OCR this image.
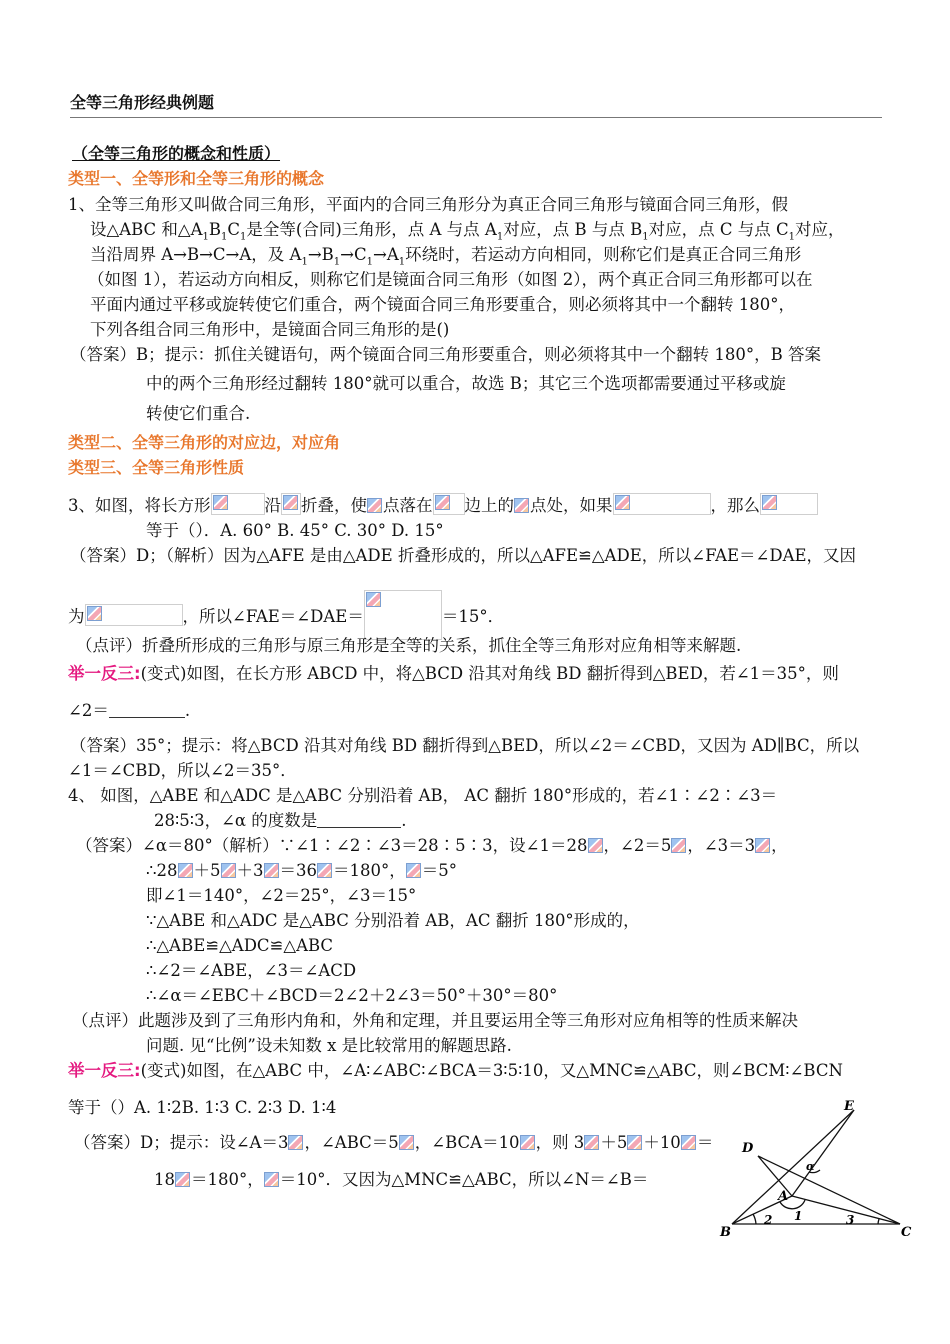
全等三角形经典例题
（全等三角形的概念和性质）
类型一、全等形和全等三角形的概念
1、全等三角形又叫做合同三角形，平面内的合同三角形分为真正合同三角形与镜面合同三角形，假
设△ABC 和$\triangle A_1B_1C_1$是全等(合同)三角形，点 A 与点 $A_1$对应，点 B 与点 $B_1$对应，点 C 与点 $C_1$对应，
当沿周界 A→B→C→A，及 $A_1\to B_1\to C_1\to A_1$环绕时，若运动方向相同，则称它们是真正合同三角形
（如图 1），若运动方向相反，则称它们是镜面合同三角形（如图 2），两个真正合同三角形都可以在
平面内通过平移或旋转使它们重合，两个镜面合同三角形要重合，则必须将其中一个翻转 180°，
下列各组合同三角形中，是镜面合同三角形的是()
（答案）B；提示：抓住关键语句，两个镜面合同三角形要重合，则必须将其中一个翻转 180°，B 答案
中的两个三角形经过翻转 180°就可以重合，故选 B；其它三个选项都需要通过平移或旋
转使它们重合.
类型二、全等三角形的对应边，对应角
类型三、全等三角形性质
3、如图，将长方形	沿 折叠，使 点落在 边上的 点处，如果	，那么
等于（）．A. 60° B. 45° C. 30° D. 15°
（答案）D；（解析）因为△AFE 是由△ADE 折叠形成的，所以△AFE≌△ADE，所以∠FAE＝∠DAE，又因
为	，所以∠FAE＝∠DAE＝	＝15°．
（点评）折叠所形成的三角形与原三角形是全等的关系，抓住全等三角形对应角相等来解题.
举一反三:(变式)如图，在长方形 ABCD 中，将△BCD 沿其对角线 BD 翻折得到△BED，若∠1＝35°，则
∠2＝	.
（答案）35°；提示：将△BCD 沿其对角线 BD 翻折得到△BED，所以∠2＝∠CBD，又因为 AD∥BC，所以
∠1＝∠CBD，所以∠2＝35°．
4、 如图，△ABE 和△ADC 是△ABC 分别沿着 AB， AC 翻折 180°形成的，若∠1∶∠2∶∠3＝
28∶5∶3，∠α 的度数是	.
（答案）∠α＝80°（解析）∵∠1∶∠2∶∠3＝28∶5∶3，设∠1＝28 ，∠2＝5 ，∠3＝3 ，
∴28 ＋5 ＋3 ＝36 ＝180°， ＝5°
即∠1＝140°，∠2＝25°，∠3＝15°
∵△ABE 和△ADC 是△ABC 分别沿着 AB，AC 翻折 180°形成的，
∴△ABE≌△ADC≌△ABC
∴∠2＝∠ABE，∠3＝∠ACD
∴∠α＝∠EBC＋∠BCD＝2∠2＋2∠3＝50°＋30°＝80°
（点评）此题涉及到了三角形内角和，外角和定理，并且要运用全等三角形对应角相等的性质来解决
问题. 见“比例”设未知数 x 是比较常用的解题思路.
举一反三:(变式)如图，在△ABC 中，∠A∶∠ABC∶∠BCA＝3∶5∶10，又△MNC≌△ABC，则∠BCM∶∠BCN
等于（）A. 1∶2B. 1∶3 C. 2∶3 D. 1∶4
（答案）D；提示：设∠A＝3 ，∠ABC＝5 ，∠BCA＝10 ，则 3 ＋5 ＋10 ＝
18 ＝180°， ＝10°．又因为△MNC≌△ABC，所以∠N＝∠B＝
E
D
A
B	C
α
1
2	3
